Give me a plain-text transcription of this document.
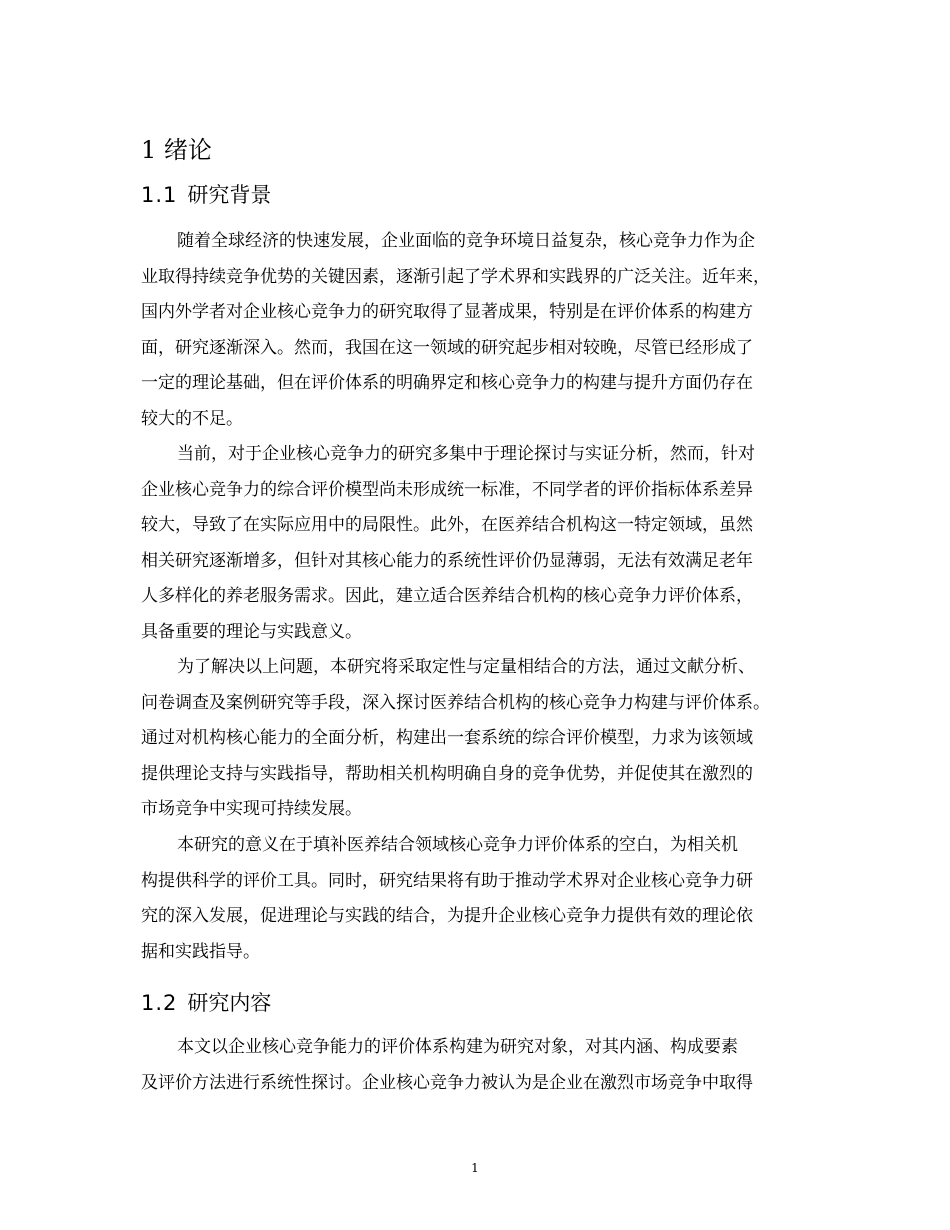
1 绪论
1.1 研究背景
随着全球经济的快速发展，企业面临的竞争环境日益复杂，核心竞争力作为企
业取得持续竞争优势的关键因素，逐渐引起了学术界和实践界的广泛关注。近年来，
国内外学者对企业核心竞争力的研究取得了显著成果，特别是在评价体系的构建方
面，研究逐渐深入。然而，我国在这一领域的研究起步相对较晚，尽管已经形成了
一定的理论基础，但在评价体系的明确界定和核心竞争力的构建与提升方面仍存在
较大的不足。
当前，对于企业核心竞争力的研究多集中于理论探讨与实证分析，然而，针对
企业核心竞争力的综合评价模型尚未形成统一标准，不同学者的评价指标体系差异
较大，导致了在实际应用中的局限性。此外，在医养结合机构这一特定领域，虽然
相关研究逐渐增多，但针对其核心能力的系统性评价仍显薄弱，无法有效满足老年
人多样化的养老服务需求。因此，建立适合医养结合机构的核心竞争力评价体系，
具备重要的理论与实践意义。
为了解决以上问题，本研究将采取定性与定量相结合的方法，通过文献分析、
问卷调查及案例研究等手段，深入探讨医养结合机构的核心竞争力构建与评价体系。
通过对机构核心能力的全面分析，构建出一套系统的综合评价模型，力求为该领域
提供理论支持与实践指导，帮助相关机构明确自身的竞争优势，并促使其在激烈的
市场竞争中实现可持续发展。
本研究的意义在于填补医养结合领域核心竞争力评价体系的空白，为相关机
构提供科学的评价工具。同时，研究结果将有助于推动学术界对企业核心竞争力研
究的深入发展，促进理论与实践的结合，为提升企业核心竞争力提供有效的理论依
据和实践指导。
1.2 研究内容
本文以企业核心竞争能力的评价体系构建为研究对象，对其内涵、构成要素
及评价方法进行系统性探讨。企业核心竞争力被认为是企业在激烈市场竞争中取得
1
